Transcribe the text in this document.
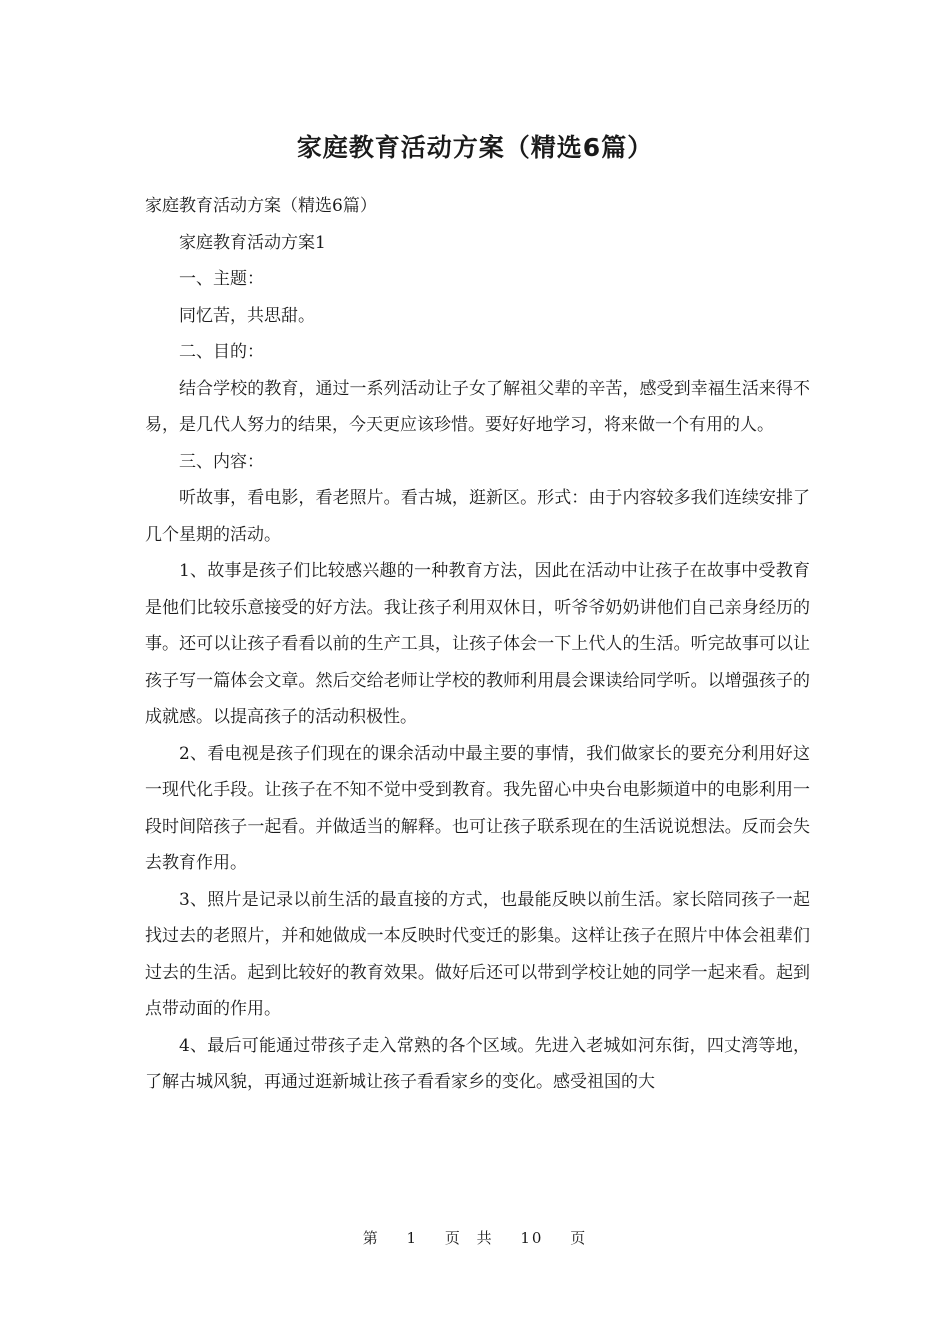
家庭教育活动方案（精选6篇）

家庭教育活动方案（精选6篇）

家庭教育活动方案1

一、主题：

同忆苦，共思甜。

二、目的：

结合学校的教育，通过一系列活动让子女了解祖父辈的辛苦，感受到幸福生活来得不易，是几代人努力的结果，今天更应该珍惜。要好好地学习，将来做一个有用的人。

三、内容：

听故事，看电影，看老照片。看古城，逛新区。形式：由于内容较多我们连续安排了几个星期的活动。

1、故事是孩子们比较感兴趣的一种教育方法，因此在活动中让孩子在故事中受教育是他们比较乐意接受的好方法。我让孩子利用双休日，听爷爷奶奶讲他们自己亲身经历的事。还可以让孩子看看以前的生产工具，让孩子体会一下上代人的生活。听完故事可以让孩子写一篇体会文章。然后交给老师让学校的教师利用晨会课读给同学听。以增强孩子的成就感。以提高孩子的活动积极性。

2、看电视是孩子们现在的课余活动中最主要的事情，我们做家长的要充分利用好这一现代化手段。让孩子在不知不觉中受到教育。我先留心中央台电影频道中的电影利用一段时间陪孩子一起看。并做适当的解释。也可让孩子联系现在的生活说说想法。反而会失去教育作用。

3、照片是记录以前生活的最直接的方式，也最能反映以前生活。家长陪同孩子一起找过去的老照片，并和她做成一本反映时代变迁的影集。这样让孩子在照片中体会祖辈们过去的生活。起到比较好的教育效果。做好后还可以带到学校让她的同学一起来看。起到点带动面的作用。

4、最后可能通过带孩子走入常熟的各个区域。先进入老城如河东街，四丈湾等地，了解古城风貌，再通过逛新城让孩子看看家乡的变化。感受祖国的大

第 1 页 共 10 页
